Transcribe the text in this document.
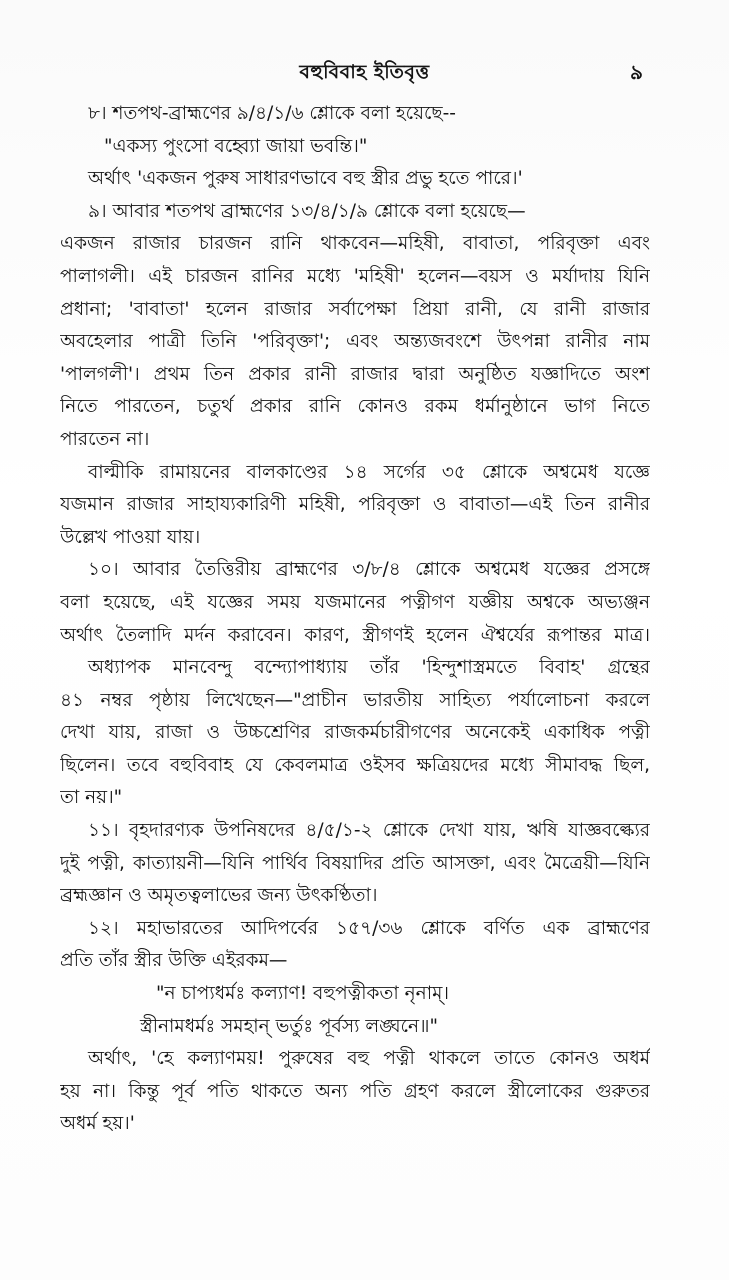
বহুবিবাহ ইতিবৃত্ত	৯
৮। শতপথ-ব্রাহ্মণের ৯/৪/১/৬ শ্লোকে বলা হয়েছে--
"একস্য পুংসো বহ্ব্যো জায়া ভবন্তি।"
অর্থাৎ 'একজন পুরুষ সাধারণভাবে বহু স্ত্রীর প্রভু হতে পারে।'
৯। আবার শতপথ ব্রাহ্মণের ১৩/৪/১/৯ শ্লোকে বলা হয়েছে—
একজন রাজার চারজন রানি থাকবেন—মহিষী, বাবাতা, পরিবৃক্তা এবং
পালাগলী। এই চারজন রানির মধ্যে 'মহিষী' হলেন—বয়স ও মর্যাদায় যিনি
প্রধানা; 'বাবাতা' হলেন রাজার সর্বাপেক্ষা প্রিয়া রানী, যে রানী রাজার
অবহেলার পাত্রী তিনি 'পরিবৃক্তা'; এবং অন্ত্যজবংশে উৎপন্না রানীর নাম
'পালগলী'। প্রথম তিন প্রকার রানী রাজার দ্বারা অনুষ্ঠিত যজ্ঞাদিতে অংশ
নিতে পারতেন, চতুর্থ প্রকার রানি কোনও রকম ধর্মানুষ্ঠানে ভাগ নিতে
পারতেন না।
বাল্মীকি রামায়নের বালকাণ্ডের ১৪ সর্গের ৩৫ শ্লোকে অশ্বমেধ যজ্ঞে
যজমান রাজার সাহায্যকারিণী মহিষী, পরিবৃক্তা ও বাবাতা—এই তিন রানীর
উল্লেখ পাওয়া যায়।
১০। আবার তৈত্তিরীয় ব্রাহ্মণের ৩/৮/৪ শ্লোকে অশ্বমেধ যজ্ঞের প্রসঙ্গে
বলা হয়েছে, এই যজ্ঞের সময় যজমানের পত্নীগণ যজ্ঞীয় অশ্বকে অভ্যঞ্জন
অর্থাৎ তৈলাদি মর্দন করাবেন। কারণ, স্ত্রীগণই হলেন ঐশ্বর্যের রূপান্তর মাত্র।
অধ্যাপক মানবেন্দু বন্দ্যোপাধ্যায় তাঁর 'হিন্দুশাস্ত্রমতে বিবাহ' গ্রন্থের
৪১ নম্বর পৃষ্ঠায় লিখেছেন—"প্রাচীন ভারতীয় সাহিত্য পর্যালোচনা করলে
দেখা যায়, রাজা ও উচ্চশ্রেণির রাজকর্মচারীগণের অনেকেই একাধিক পত্নী
ছিলেন। তবে বহুবিবাহ যে কেবলমাত্র ওইসব ক্ষত্রিয়দের মধ্যে সীমাবদ্ধ ছিল,
তা নয়।"
১১। বৃহদারণ্যক উপনিষদের ৪/৫/১-২ শ্লোকে দেখা যায়, ঋষি যাজ্ঞবল্ক্যের
দুই পত্নী, কাত্যায়নী—যিনি পার্থিব বিষয়াদির প্রতি আসক্তা, এবং মৈত্রেয়ী—যিনি
ব্রহ্মজ্ঞান ও অমৃতত্বলাভের জন্য উৎকণ্ঠিতা।
১২। মহাভারতের আদিপর্বের ১৫৭/৩৬ শ্লোকে বর্ণিত এক ব্রাহ্মণের
প্রতি তাঁর স্ত্রীর উক্তি এইরকম—
"ন চাপ্যধর্মঃ কল্যাণ! বহুপত্নীকতা নৃনাম্।
স্ত্রীনামধর্মঃ সমহান্ ভর্তুঃ পূর্বস্য লঙ্ঘনে॥"
অর্থাৎ, 'হে কল্যাণময়! পুরুষের বহু পত্নী থাকলে তাতে কোনও অধর্ম
হয় না। কিন্তু পূর্ব পতি থাকতে অন্য পতি গ্রহণ করলে স্ত্রীলোকের গুরুতর
অধর্ম হয়।'
